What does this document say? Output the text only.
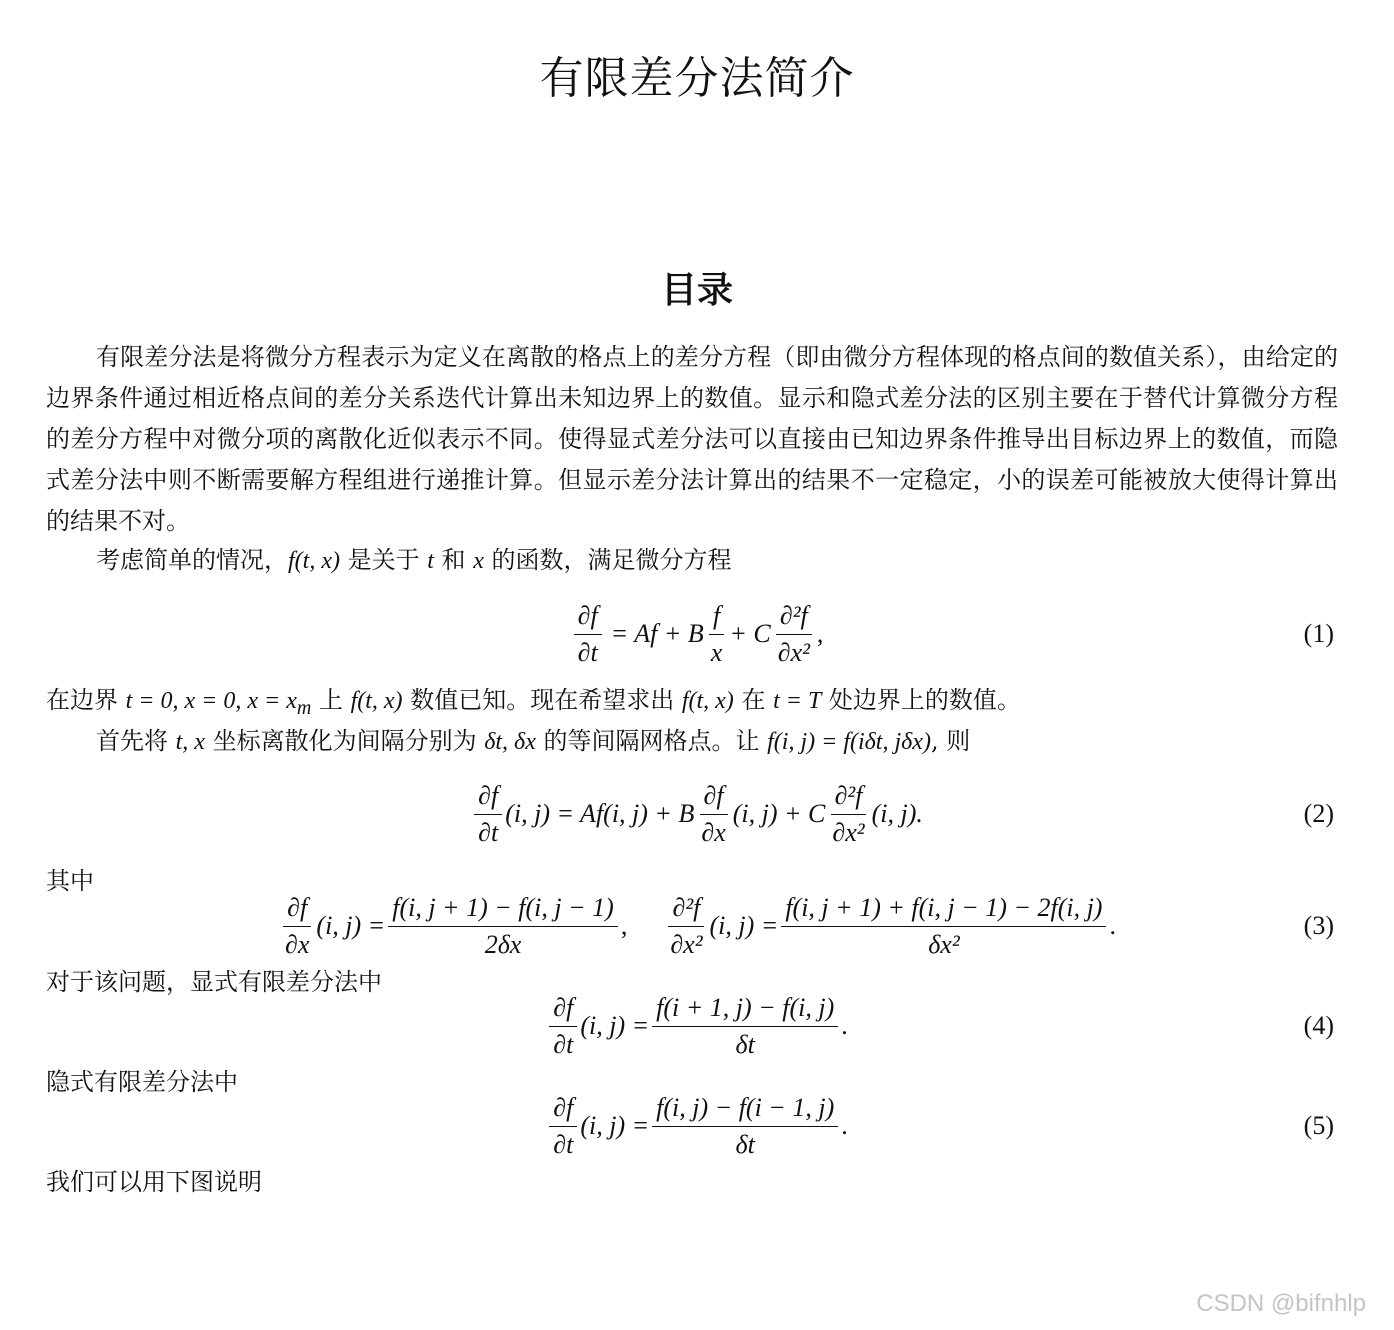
有限差分法简介
目录

有限差分法是将微分方程表示为定义在离散的格点上的差分方程（即由微分方程体现的格点间的数值关系），由给定的边界条件通过相近格点间的差分关系迭代计算出未知边界上的数值。显示和隐式差分法的区别主要在于替代计算微分方程的差分方程中对微分项的离散化近似表示不同。使得显式差分法可以直接由已知边界条件推导出目标边界上的数值，而隐式差分法中则不断需要解方程组进行递推计算。但显示差分法计算出的结果不一定稳定，小的误差可能被放大使得计算出的结果不对。

考虑简单的情况，f(t, x) 是关于 t 和 x 的函数，满足微分方程
$\frac{\partial f}{\partial t} = Af + B \frac{f}{x} + C \frac{\text{∂²f}}{\text{∂x²}}$ ,	(1)
在边界 t = 0, x = 0, $x = x_m$ 上 f(t, x) 数值已知。现在希望求出 f(t, x) 在 t = T 处边界上的数值。
首先将 t, x 坐标离散化为间隔分别为 δt, δx 的等间隔网格点。让 f(i, j) = f(iδt, jδx), 则
$\frac{\partial f}{\partial t} (i$, j) = Af(i, j) + B $\frac{\partial f}{\partial x} (i$, j) + C $\frac{\text{∂²f}}{\text{∂x²}} (i$, j).	(2)
其中
$\frac{\partial f}{\partial x} (i$, $j) = \frac{f(i, j + 1) - f(i, j - 1)}{2\delta x}$ , $\frac{\text{∂²f}}{\text{∂x²}} (i$, $j) = \frac{f(i, j + 1) + f(i, j - 1) - 2f(i, j)}{\text{δx²}}$ .	(3)
对于该问题，显式有限差分法中
$\frac{\partial f}{\partial t} (i$, $j) = \frac{f(i + 1, j) - f(i, j)}{\delta t}$ .	(4)
隐式有限差分法中
$\frac{\partial f}{\partial t} (i$, $j) = \frac{f(i, j) - f(i - 1, j)}{\delta t}$ .	(5)
我们可以用下图说明
CSDN @bifnhlp
